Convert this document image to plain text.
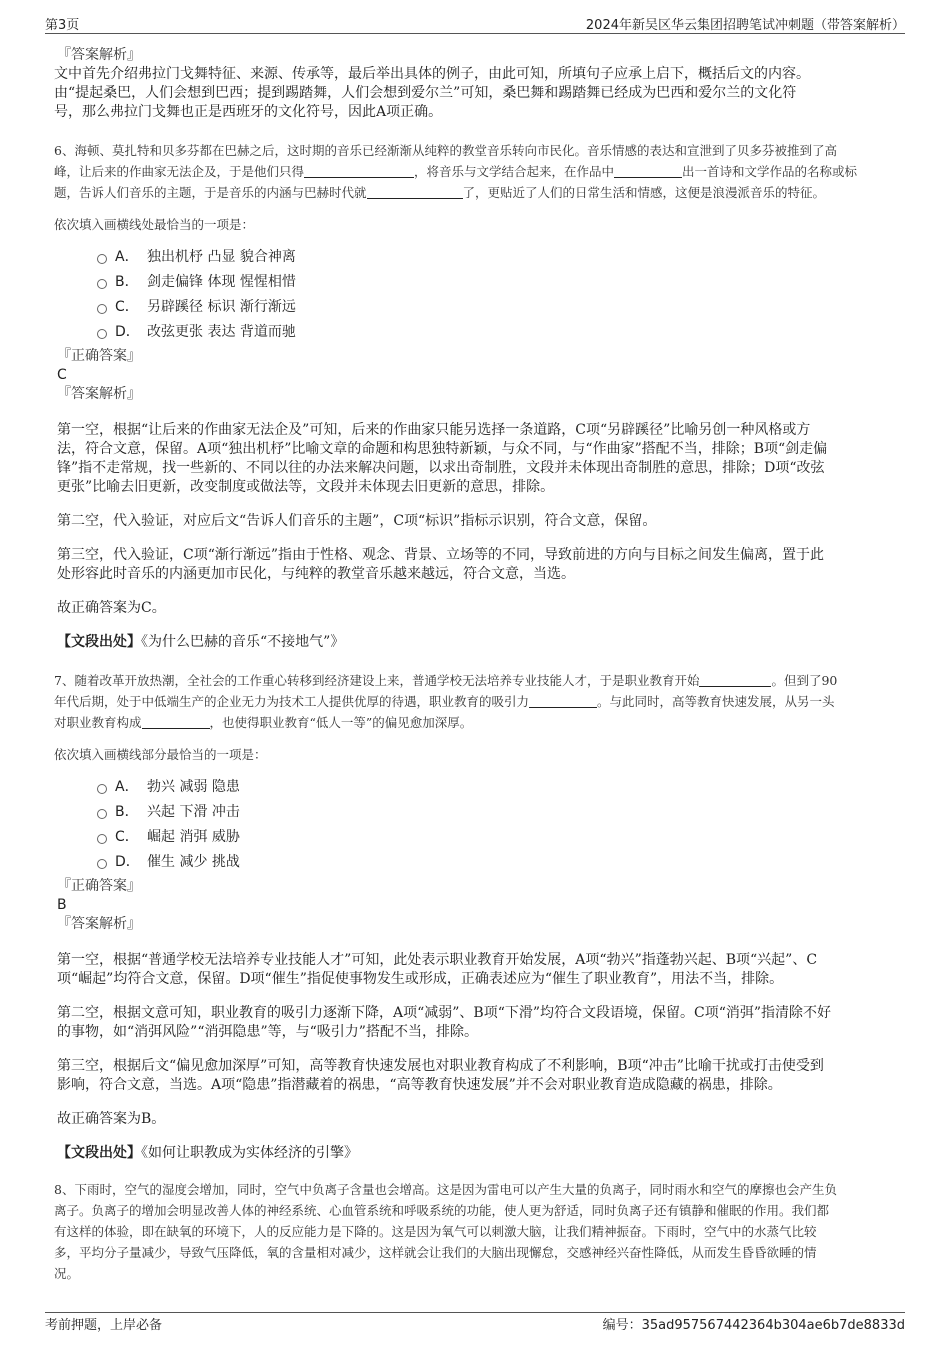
第3页	2024年新吴区华云集团招聘笔试冲刺题（带答案解析）
『答案解析』
文中首先介绍弗拉门戈舞特征、来源、传承等，最后举出具体的例子，由此可知，所填句子应承上启下，概括后文的内容。
由“提起桑巴，人们会想到巴西；提到踢踏舞，人们会想到爱尔兰”可知，桑巴舞和踢踏舞已经成为巴西和爱尔兰的文化符
号，那么弗拉门戈舞也正是西班牙的文化符号，因此A项正确。
6、海顿、莫扎特和贝多芬都在巴赫之后，这时期的音乐已经渐渐从纯粹的教堂音乐转向市民化。音乐情感的表达和宣泄到了贝多芬被推到了高
峰，让后来的作曲家无法企及，于是他们只得	，将音乐与文学结合起来，在作品中	出一首诗和文学作品的名称或标
题，告诉人们音乐的主题，于是音乐的内涵与巴赫时代就	了，更贴近了人们的日常生活和情感，这便是浪漫派音乐的特征。
依次填入画横线处最恰当的一项是：
A． 独出机杼 凸显 貌合神离
B． 剑走偏锋 体现 惺惺相惜
C． 另辟蹊径 标识 渐行渐远
D． 改弦更张 表达 背道而驰
『正确答案』
C
『答案解析』
第一空，根据“让后来的作曲家无法企及”可知，后来的作曲家只能另选择一条道路，C项“另辟蹊径”比喻另创一种风格或方
法，符合文意，保留。A项“独出机杼”比喻文章的命题和构思独特新颖，与众不同，与“作曲家”搭配不当，排除；B项“剑走偏
锋”指不走常规，找一些新的、不同以往的办法来解决问题，以求出奇制胜，文段并未体现出奇制胜的意思，排除；D项“改弦
更张”比喻去旧更新，改变制度或做法等，文段并未体现去旧更新的意思，排除。
第二空，代入验证，对应后文“告诉人们音乐的主题”，C项“标识”指标示识别，符合文意，保留。
第三空，代入验证，C项“渐行渐远”指由于性格、观念、背景、立场等的不同，导致前进的方向与目标之间发生偏离，置于此
处形容此时音乐的内涵更加市民化，与纯粹的教堂音乐越来越远，符合文意，当选。
故正确答案为C。
【文段出处】《为什么巴赫的音乐“不接地气”》
7、随着改革开放热潮，全社会的工作重心转移到经济建设上来，普通学校无法培养专业技能人才，于是职业教育开始	。但到了90
年代后期，处于中低端生产的企业无力为技术工人提供优厚的待遇，职业教育的吸引力	。与此同时，高等教育快速发展，从另一头
对职业教育构成	，也使得职业教育“低人一等”的偏见愈加深厚。
依次填入画横线部分最恰当的一项是：
A． 勃兴 减弱 隐患
B． 兴起 下滑 冲击
C． 崛起 消弭 威胁
D． 催生 减少 挑战
『正确答案』
B
『答案解析』
第一空，根据“普通学校无法培养专业技能人才”可知，此处表示职业教育开始发展，A项“勃兴”指蓬勃兴起、B项“兴起”、C
项“崛起”均符合文意，保留。D项“催生”指促使事物发生或形成，正确表述应为“催生了职业教育”，用法不当，排除。
第二空，根据文意可知，职业教育的吸引力逐渐下降，A项“减弱”、B项“下滑”均符合文段语境，保留。C项“消弭”指清除不好
的事物，如“消弭风险”“消弭隐患”等，与“吸引力”搭配不当，排除。
第三空，根据后文“偏见愈加深厚”可知，高等教育快速发展也对职业教育构成了不利影响，B项“冲击”比喻干扰或打击使受到
影响，符合文意，当选。A项“隐患”指潜藏着的祸患，“高等教育快速发展”并不会对职业教育造成隐藏的祸患，排除。
故正确答案为B。
【文段出处】《如何让职教成为实体经济的引擎》
8、下雨时，空气的湿度会增加，同时，空气中负离子含量也会增高。这是因为雷电可以产生大量的负离子，同时雨水和空气的摩擦也会产生负
离子。负离子的增加会明显改善人体的神经系统、心血管系统和呼吸系统的功能，使人更为舒适，同时负离子还有镇静和催眠的作用。我们都
有这样的体验，即在缺氧的环境下，人的反应能力是下降的。这是因为氧气可以刺激大脑，让我们精神振奋。下雨时，空气中的水蒸气比较
多，平均分子量减少，导致气压降低，氧的含量相对减少，这样就会让我们的大脑出现懈怠，交感神经兴奋性降低，从而发生昏昏欲睡的情
况。
考前押题，上岸必备	编号：35ad957567442364b304ae6b7de8833d
